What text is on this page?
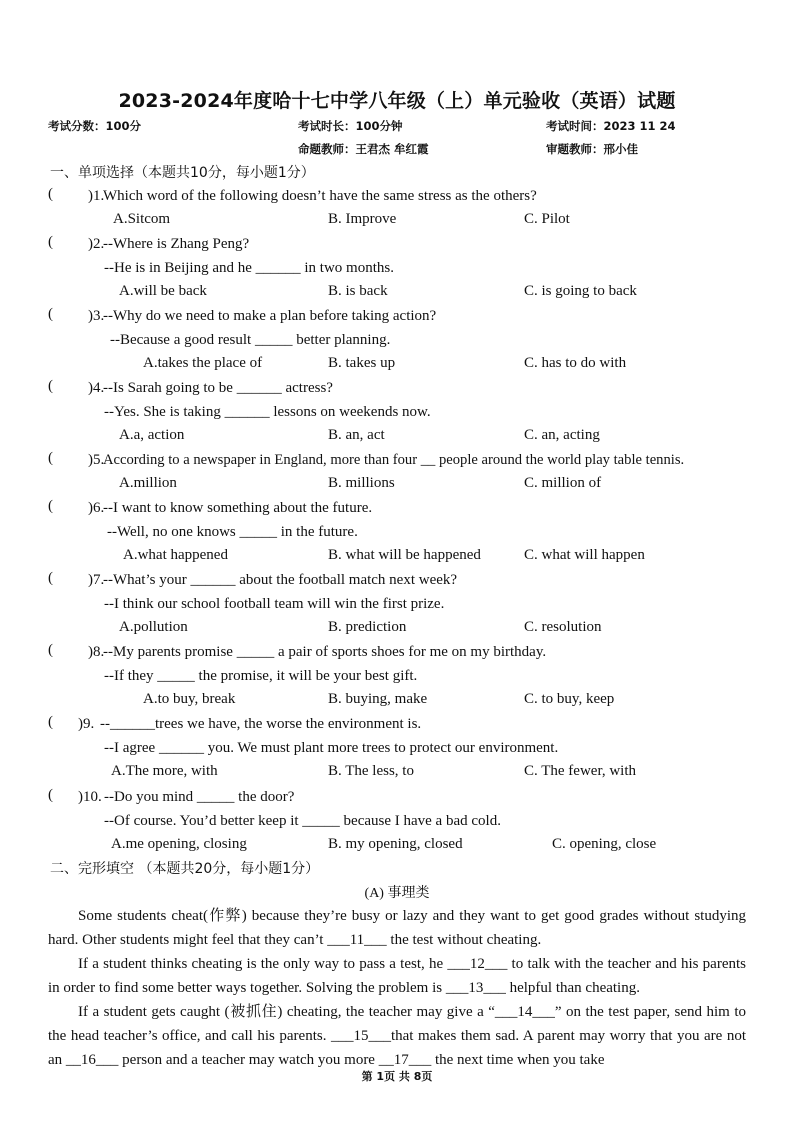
2023-2024年度哈十七中学八年级（上）单元验收（英语）试题
考试分数：100分	考试时长：100分钟	考试时间：2023 11 24
命题教师：王君杰 牟红霞	审题教师：邢小佳
一、单项选择（本题共10分，每小题1分）
( )1.
Which word of the following doesn’t have the same stress as the others?
A.Sitcom	B. Improve	C. Pilot
( )2.
--Where is Zhang Peng?
--He is in Beijing and he ______ in two months.
A.will be back	B. is back	C. is going to back
( )3.
--Why do we need to make a plan before taking action?
--Because a good result _____ better planning.
A.takes the place of	B. takes up	C. has to do with
( )4.
--Is Sarah going to be ______ actress?
--Yes. She is taking ______ lessons on weekends now.
A.a, action	B. an, act	C. an, acting
( )5.
According to a newspaper in England, more than four __ people around the world play table tennis.
A.million	B. millions	C. million of
( )6.
--I want to know something about the future.
--Well, no one knows _____ in the future.
A.what happened	B. what will be happened	C. what will happen
( )7.
--What’s your ______ about the football match next week?
--I think our school football team will win the first prize.
A.pollution	B. prediction	C. resolution
( )8.
--My parents promise _____ a pair of sports shoes for me on my birthday.
--If they _____ the promise, it will be your best gift.
A.to buy, break	B. buying, make	C. to buy, keep
( )9. --______trees we have, the worse the environment is.
--I agree ______ you. We must plant more trees to protect our environment.
A.The more, with	B. The less, to	C. The fewer, with
( )10. --Do you mind _____ the door?
--Of course. You’d better keep it _____ because I have a bad cold.
A.me opening, closing	B. my opening, closed	C. opening, close
二、完形填空 （本题共20分，每小题1分）
(A) 事理类
Some students cheat(作弊) because they’re busy or lazy and they want to get good grades without studying hard. Other students might feel that they can’t ___11___ the test without cheating.
If a student thinks cheating is the only way to pass a test, he ___12___ to talk with the teacher and his parents in order to find some better ways together. Solving the problem is ___13___ helpful than cheating.
If a student gets caught (被抓住) cheating, the teacher may give a “___14___” on the test paper, send him to the head teacher’s office, and call his parents. ___15___that makes them sad. A parent may worry that you are not an __16___ person and a teacher may watch you more __17___ the next time when you take
第 1页 共 8页
